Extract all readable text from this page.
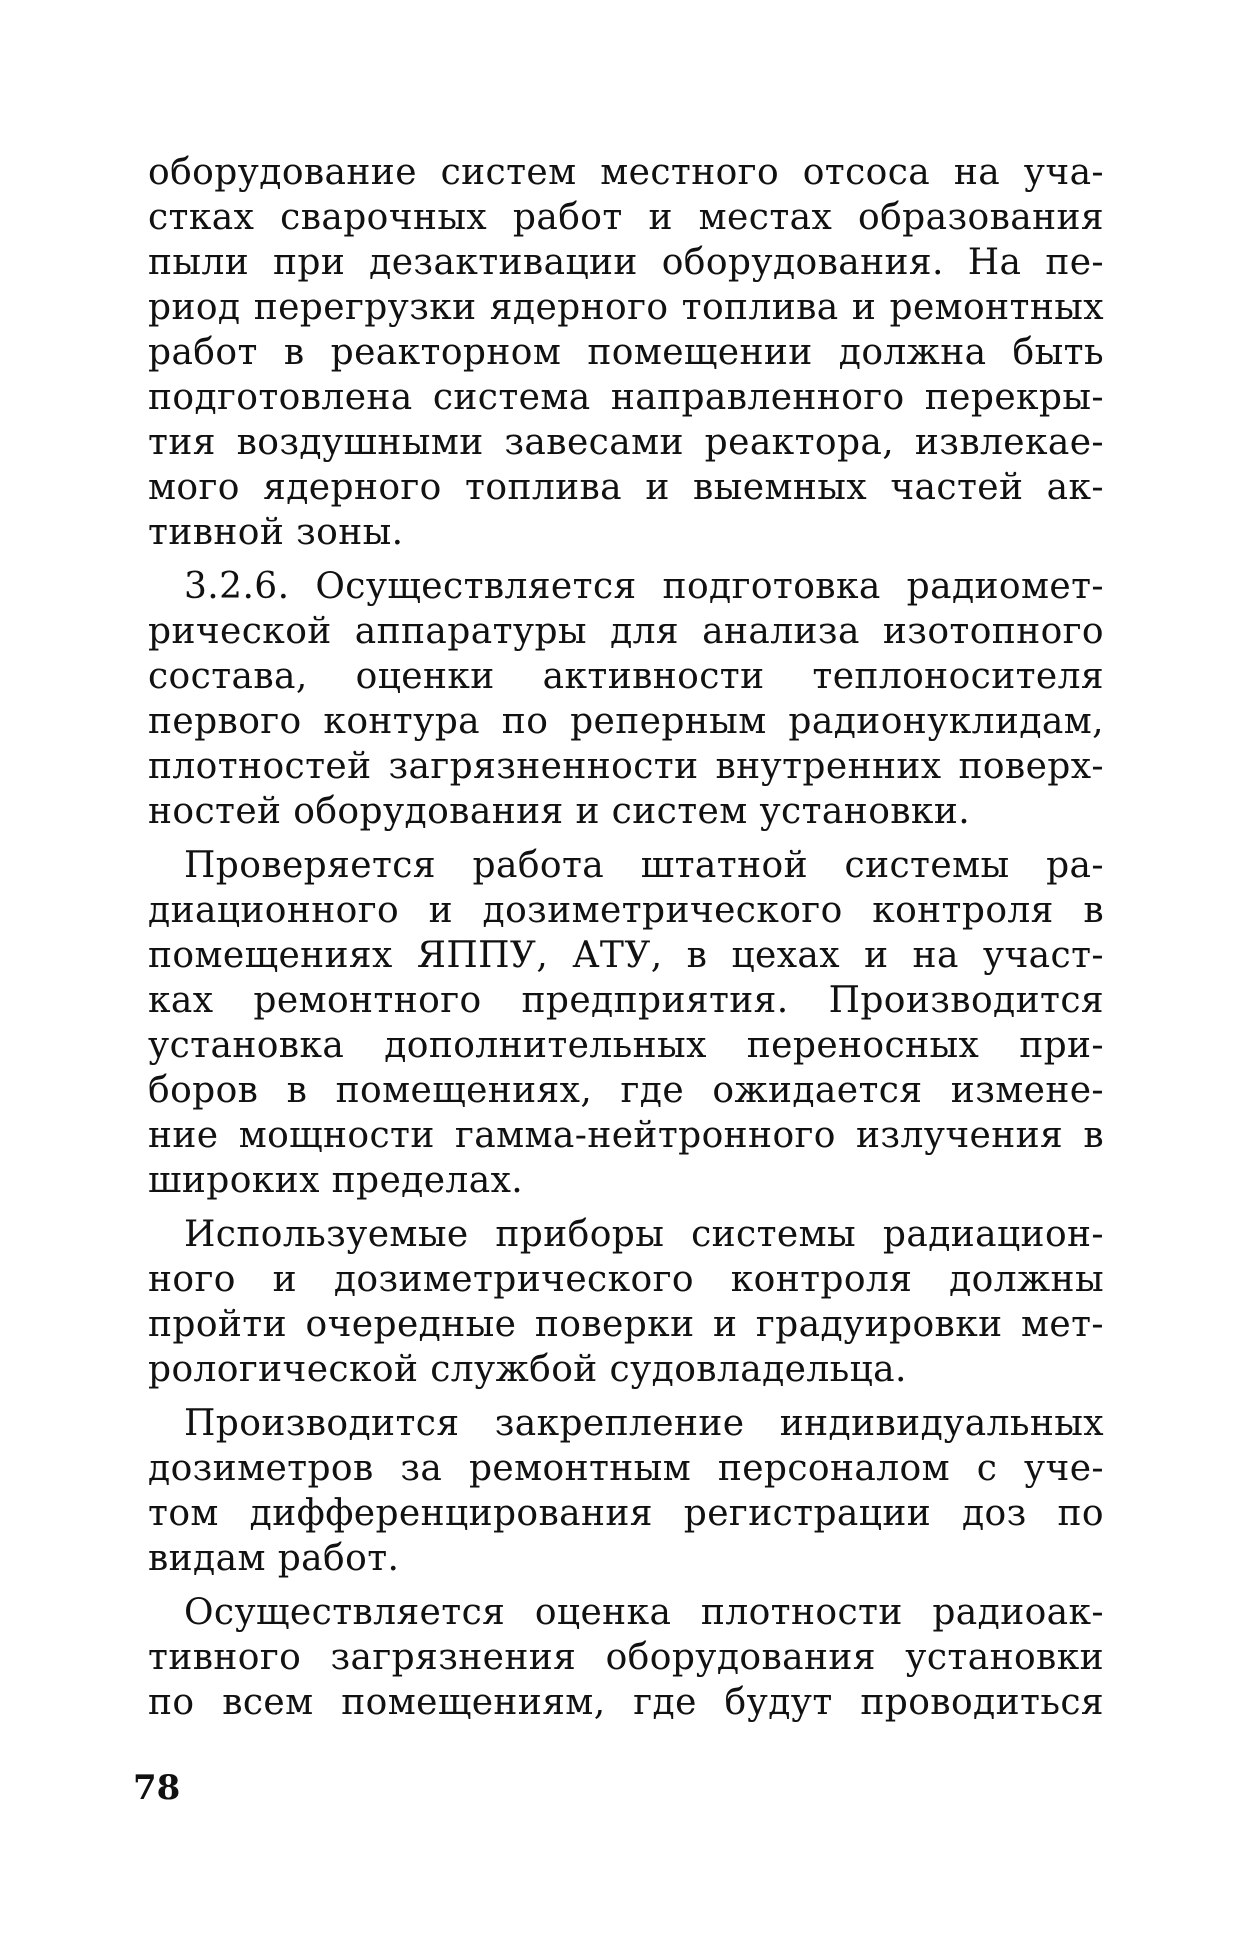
оборудование систем местного отсоса на уча-
стках сварочных работ и местах образования
пыли при дезактивации оборудования. На пе-
риод перегрузки ядерного топлива и ремонтных
работ в реакторном помещении должна быть
подготовлена система направленного перекры-
тия воздушными завесами реактора, извлекае-
мого ядерного топлива и выемных частей ак-
тивной зоны.
3.2.6. Осуществляется подготовка радиомет-
рической аппаратуры для анализа изотопного
состава, оценки активности теплоносителя
первого контура по реперным радионуклидам,
плотностей загрязненности внутренних поверх-
ностей оборудования и систем установки.
Проверяется работа штатной системы ра-
диационного и дозиметрического контроля в
помещениях ЯППУ, АТУ, в цехах и на участ-
ках ремонтного предприятия. Производится
установка дополнительных переносных при-
боров в помещениях, где ожидается измене-
ние мощности гамма-нейтронного излучения в
широких пределах.
Используемые приборы системы радиацион-
ного и дозиметрического контроля должны
пройти очередные поверки и градуировки мет-
рологической службой судовладельца.
Производится закрепление индивидуальных
дозиметров за ремонтным персоналом с уче-
том дифференцирования регистрации доз по
видам работ.
Осуществляется оценка плотности радиоак-
тивного загрязнения оборудования установки
по всем помещениям, где будут проводиться
78
